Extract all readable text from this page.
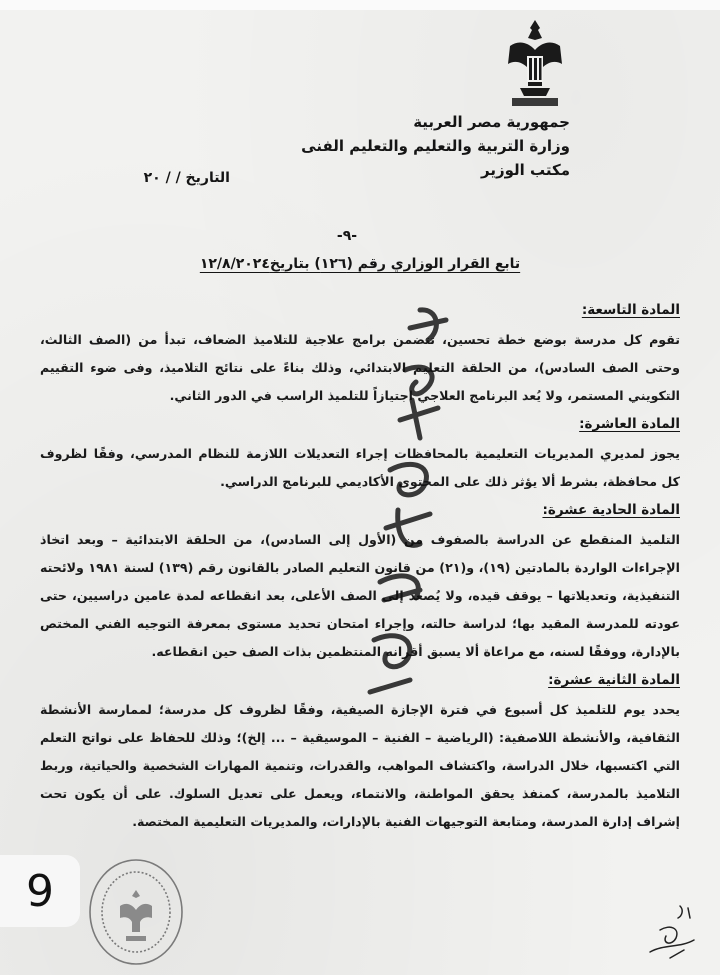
جمهورية مصر العربية
وزارة التربية والتعليم والتعليم الفنى
مكتب الوزير
التاريخ / / ٢٠
-٩-
تابع القرار الوزاري رقم (١٢٦) بتاريخ١٢/٨/٢٠٢٤
المادة التاسعة:

تقوم كل مدرسة بوضع خطة تحسين، تتضمن برامج علاجية للتلاميذ الضعاف، تبدأ من (الصف الثالث، وحتى الصف السادس)، من الحلقة التعليم الابتدائي، وذلك بناءً على نتائج التلاميذ، وفى ضوء التقييم التكويني المستمر، ولا يُعد البرنامج العلاجي اجتيازاً للتلميذ الراسب في الدور الثاني.

المادة العاشرة:

يجوز لمديري المديريات التعليمية بالمحافظات إجراء التعديلات اللازمة للنظام المدرسي، وفقًا لظروف كل محافظة، بشرط ألا يؤثر ذلك على المحتوى الأكاديمي للبرنامج الدراسي.

المادة الحادية عشرة:

التلميذ المنقطع عن الدراسة بالصفوف من (الأول إلى السادس)، من الحلقة الابتدائية – وبعد اتخاذ الإجراءات الواردة بالمادتين (١٩)، و(٢١) من قانون التعليم الصادر بالقانون رقم (١٣٩) لسنة ١٩٨١ ولائحته التنفيذية، وتعديلاتها – يوقف قيده، ولا يُصعد إلى الصف الأعلى، بعد انقطاعه لمدة عامين دراسيين، حتى عودته للمدرسة المقيد بها؛ لدراسة حالته، وإجراء امتحان تحديد مستوى بمعرفة التوجيه الفني المختص بالإدارة، ووفقًا لسنه، مع مراعاة ألا يسبق أقرانه المنتظمين بذات الصف حين انقطاعه.

المادة الثانية عشرة:

يحدد يوم للتلميذ كل أسبوع في فترة الإجازة الصيفية، وفقًا لظروف كل مدرسة؛ لممارسة الأنشطة الثقافية، والأنشطة اللاصفية: (الرياضية – الفنية – الموسيقية – ... إلخ)؛ وذلك للحفاظ على نواتج التعلم التي اكتسبها، خلال الدراسة، واكتشاف المواهب، والقدرات، وتنمية المهارات الشخصية والحياتية، وربط التلاميذ بالمدرسة، كمنفذ يحقق المواطنة، والانتماء، ويعمل على تعديل السلوك. على أن يكون تحت إشراف إدارة المدرسة، ومتابعة التوجيهات الفنية بالإدارات، والمديريات التعليمية المختصة.

9
